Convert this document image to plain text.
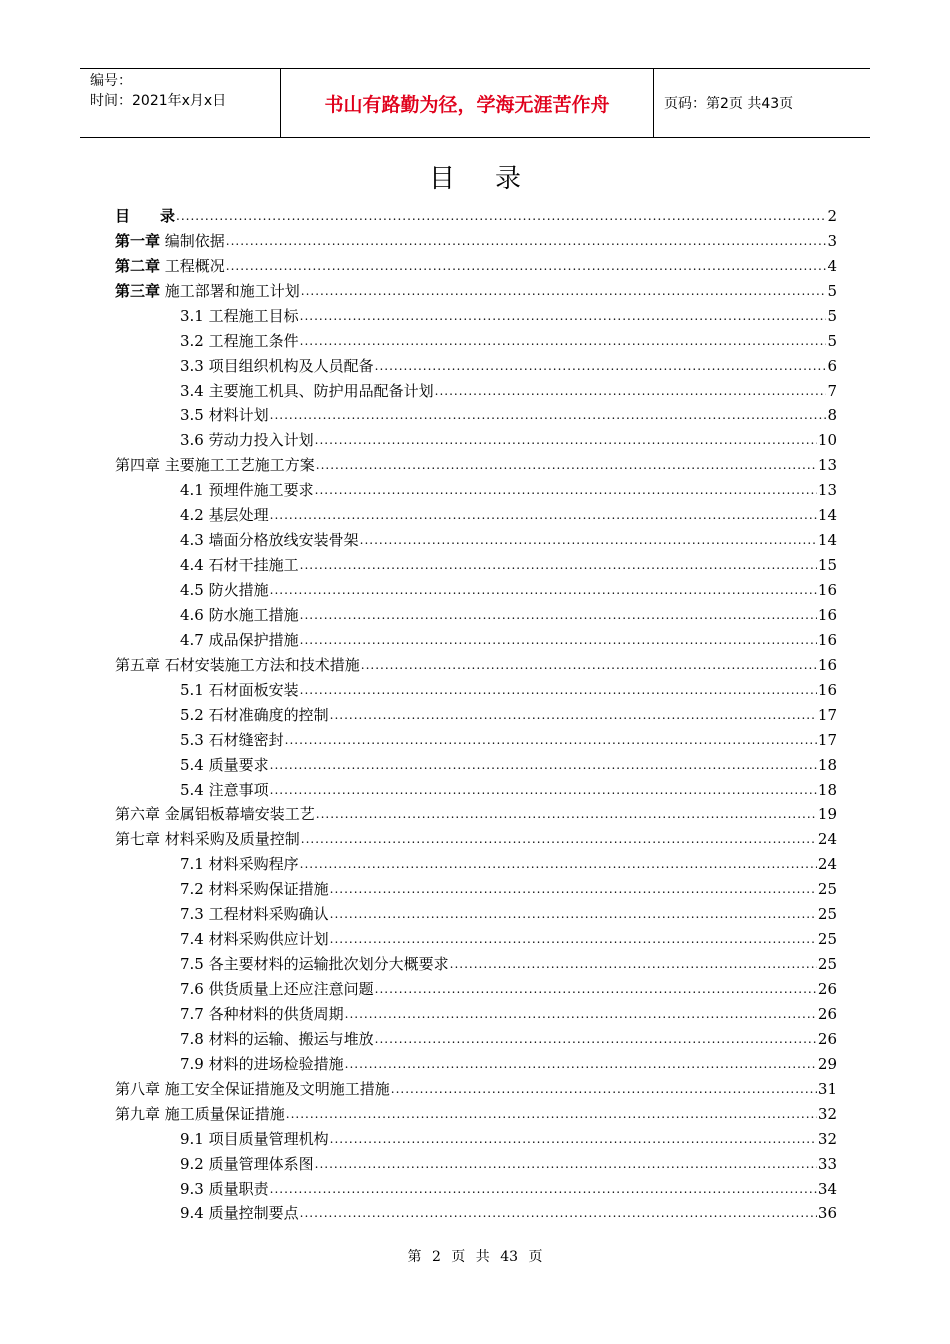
编号：
时间：2021年x月x日	书山有路勤为径，学海无涯苦作舟	页码：第2页 共43页
目录
目　　录 .....	2
第一章 编制依据 .....	3
第二章 工程概况 .....	4
第三章 施工部署和施工计划 .....	5
3.1 工程施工目标 .....	5
3.2 工程施工条件 .....	5
3.3 项目组织机构及人员配备 .....	6
3.4 主要施工机具、防护用品配备计划 .....	7
3.5 材料计划 .....	8
3.6 劳动力投入计划 .....	10
第四章 主要施工工艺施工方案 .....	13
4.1 预埋件施工要求 .....	13
4.2 基层处理 .....	14
4.3 墙面分格放线安装骨架 .....	14
4.4 石材干挂施工 .....	15
4.5 防火措施 .....	16
4.6 防水施工措施 .....	16
4.7 成品保护措施 .....	16
第五章 石材安装施工方法和技术措施 .....	16
5.1 石材面板安装 .....	16
5.2 石材准确度的控制 .....	17
5.3 石材缝密封 .....	17
5.4 质量要求 .....	18
5.4 注意事项 .....	18
第六章 金属铝板幕墙安装工艺 .....	19
第七章 材料采购及质量控制 .....	24
7.1 材料采购程序 .....	24
7.2 材料采购保证措施 .....	25
7.3 工程材料采购确认 .....	25
7.4 材料采购供应计划 .....	25
7.5 各主要材料的运输批次划分大概要求 .....	25
7.6 供货质量上还应注意问题 .....	26
7.7 各种材料的供货周期 .....	26
7.8 材料的运输、搬运与堆放 .....	26
7.9 材料的进场检验措施 .....	29
第八章 施工安全保证措施及文明施工措施 .....	31
第九章 施工质量保证措施 .....	32
9.1 项目质量管理机构 .....	32
9.2 质量管理体系图 .....	33
9.3 质量职责 .....	34
9.4 质量控制要点 .....	36
第 2 页 共 43 页
